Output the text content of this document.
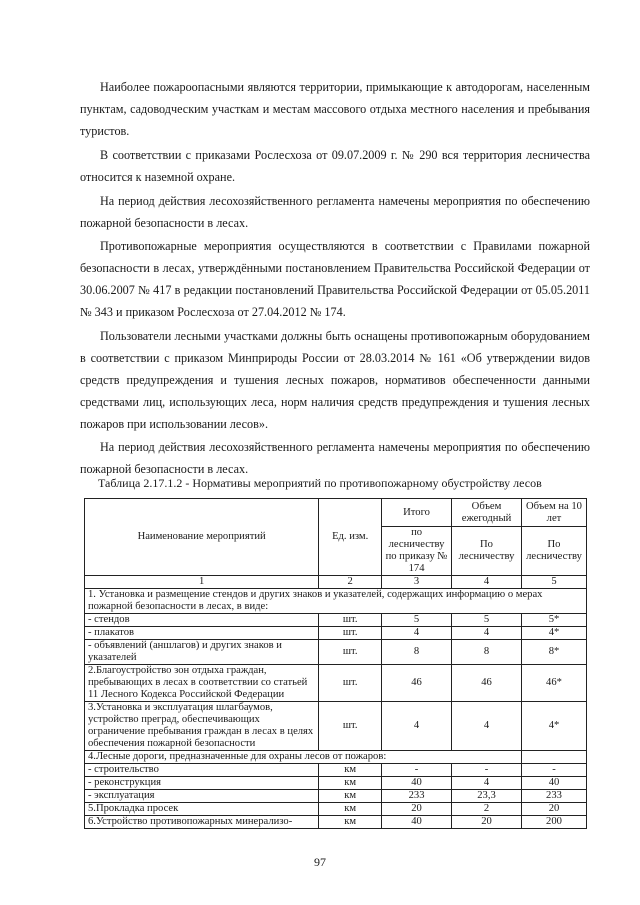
Наиболее пожароопасными являются территории, примыкающие к автодорогам, населенным пунктам, садоводческим участкам и местам массового отдыха местного населения и пребывания туристов.

В соответствии с приказами Рослесхоза от 09.07.2009 г. № 290 вся территория лесничества относится к наземной охране.

На период действия лесохозяйственного регламента намечены мероприятия по обеспечению пожарной безопасности в лесах.

Противопожарные мероприятия осуществляются в соответствии с Правилами пожарной безопасности в лесах, утверждёнными постановлением Правительства Российской Федерации от 30.06.2007 № 417 в редакции постановлений Правительства Российской Федерации от 05.05.2011 № 343 и приказом Рослесхоза от 27.04.2012 № 174.

Пользователи лесными участками должны быть оснащены противопожарным оборудованием в соответствии с приказом Минприроды России от 28.03.2014 № 161 «Об утверждении видов средств предупреждения и тушения лесных пожаров, нормативов обеспеченности данными средствами лиц, использующих леса, норм наличия средств предупреждения и тушения лесных пожаров при использовании лесов».

На период действия лесохозяйственного регламента намечены мероприятия по обеспечению пожарной безопасности в лесах.

Таблица 2.17.1.2 - Нормативы мероприятий по противопожарному обустройству лесов

Наименование мероприятий	Ед. изм.	Итого	Объем ежегодный	Объем на 10 лет
		по лесничеству по приказу № 174	По лесничеству	По лесничеству
1	2	3	4	5
1. Установка и размещение стендов и других знаков и указателей, содержащих информацию о мерах пожарной безопасности в лесах, в виде:				
- стендов	шт.	5	5	5*
- плакатов	шт.	4	4	4*
- объявлений (аншлагов) и других знаков и указателей	шт.	8	8	8*
2.Благоустройство зон отдыха граждан, пребывающих в лесах в соответствии со статьей 11 Лесного Кодекса Российской Федерации	шт.	46	46	46*
3.Установка и эксплуатация шлагбаумов, устройство преград, обеспечивающих ограничение пребывания граждан в лесах в целях обеспечения пожарной безопасности	шт.	4	4	4*
4.Лесные дороги, предназначенные для охраны лесов от пожаров:				
- строительство	км	-	-	-
- реконструкция	км	40	4	40
- эксплуатация	км	233	23,3	233
5.Прокладка просек	км	20	2	20
6.Устройство противопожарных минерализо-	км	40	20	200
97
